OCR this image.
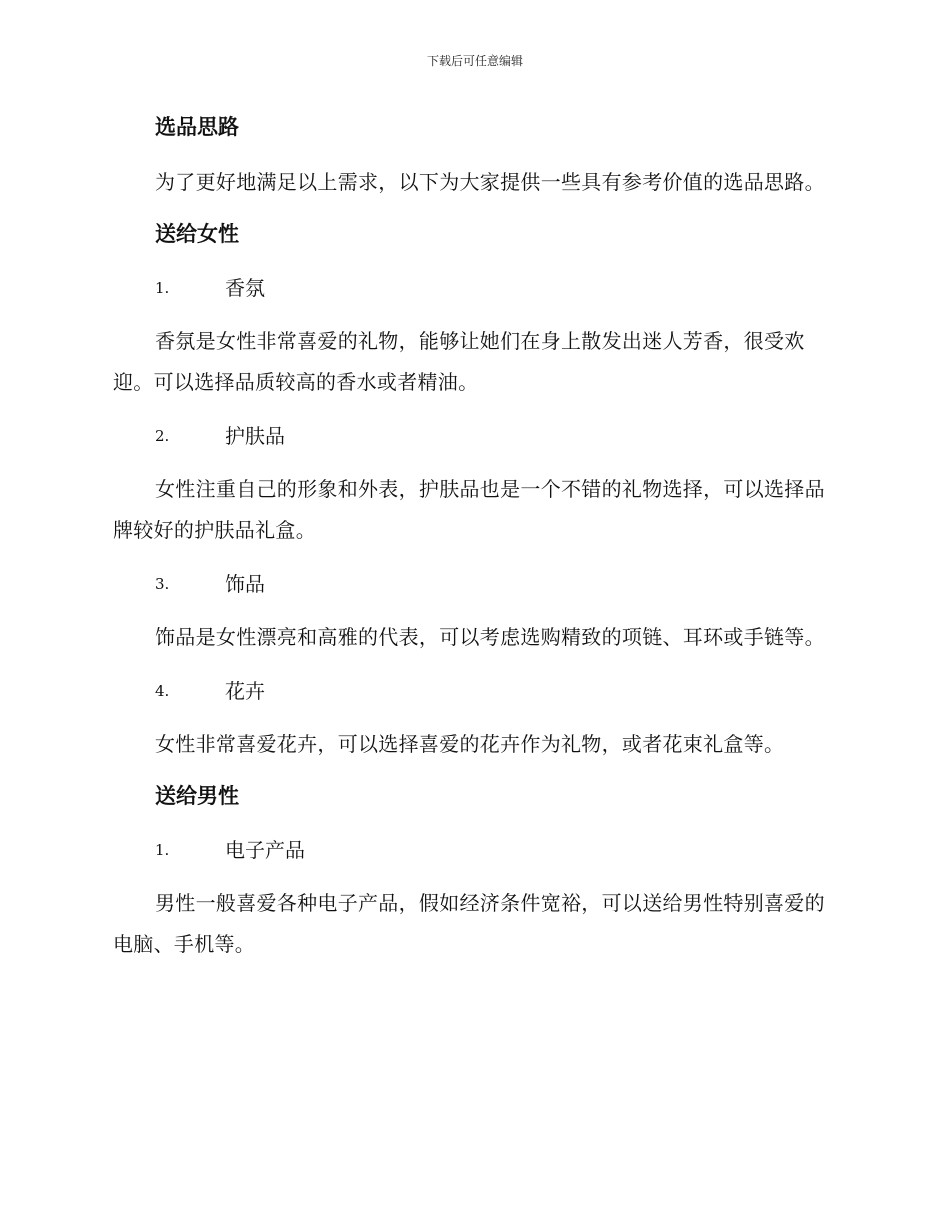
下载后可任意编辑
选品思路
为了更好地满足以上需求，以下为大家提供一些具有参考价值的选品思路。
送给女性
1.	香氛
香氛是女性非常喜爱的礼物，能够让她们在身上散发出迷人芳香，很受欢迎。可以选择品质较高的香水或者精油。
2.	护肤品
女性注重自己的形象和外表，护肤品也是一个不错的礼物选择，可以选择品牌较好的护肤品礼盒。
3.	饰品
饰品是女性漂亮和高雅的代表，可以考虑选购精致的项链、耳环或手链等。
4.	花卉
女性非常喜爱花卉，可以选择喜爱的花卉作为礼物，或者花束礼盒等。
送给男性
1.	电子产品
男性一般喜爱各种电子产品，假如经济条件宽裕，可以送给男性特别喜爱的电脑、手机等。
